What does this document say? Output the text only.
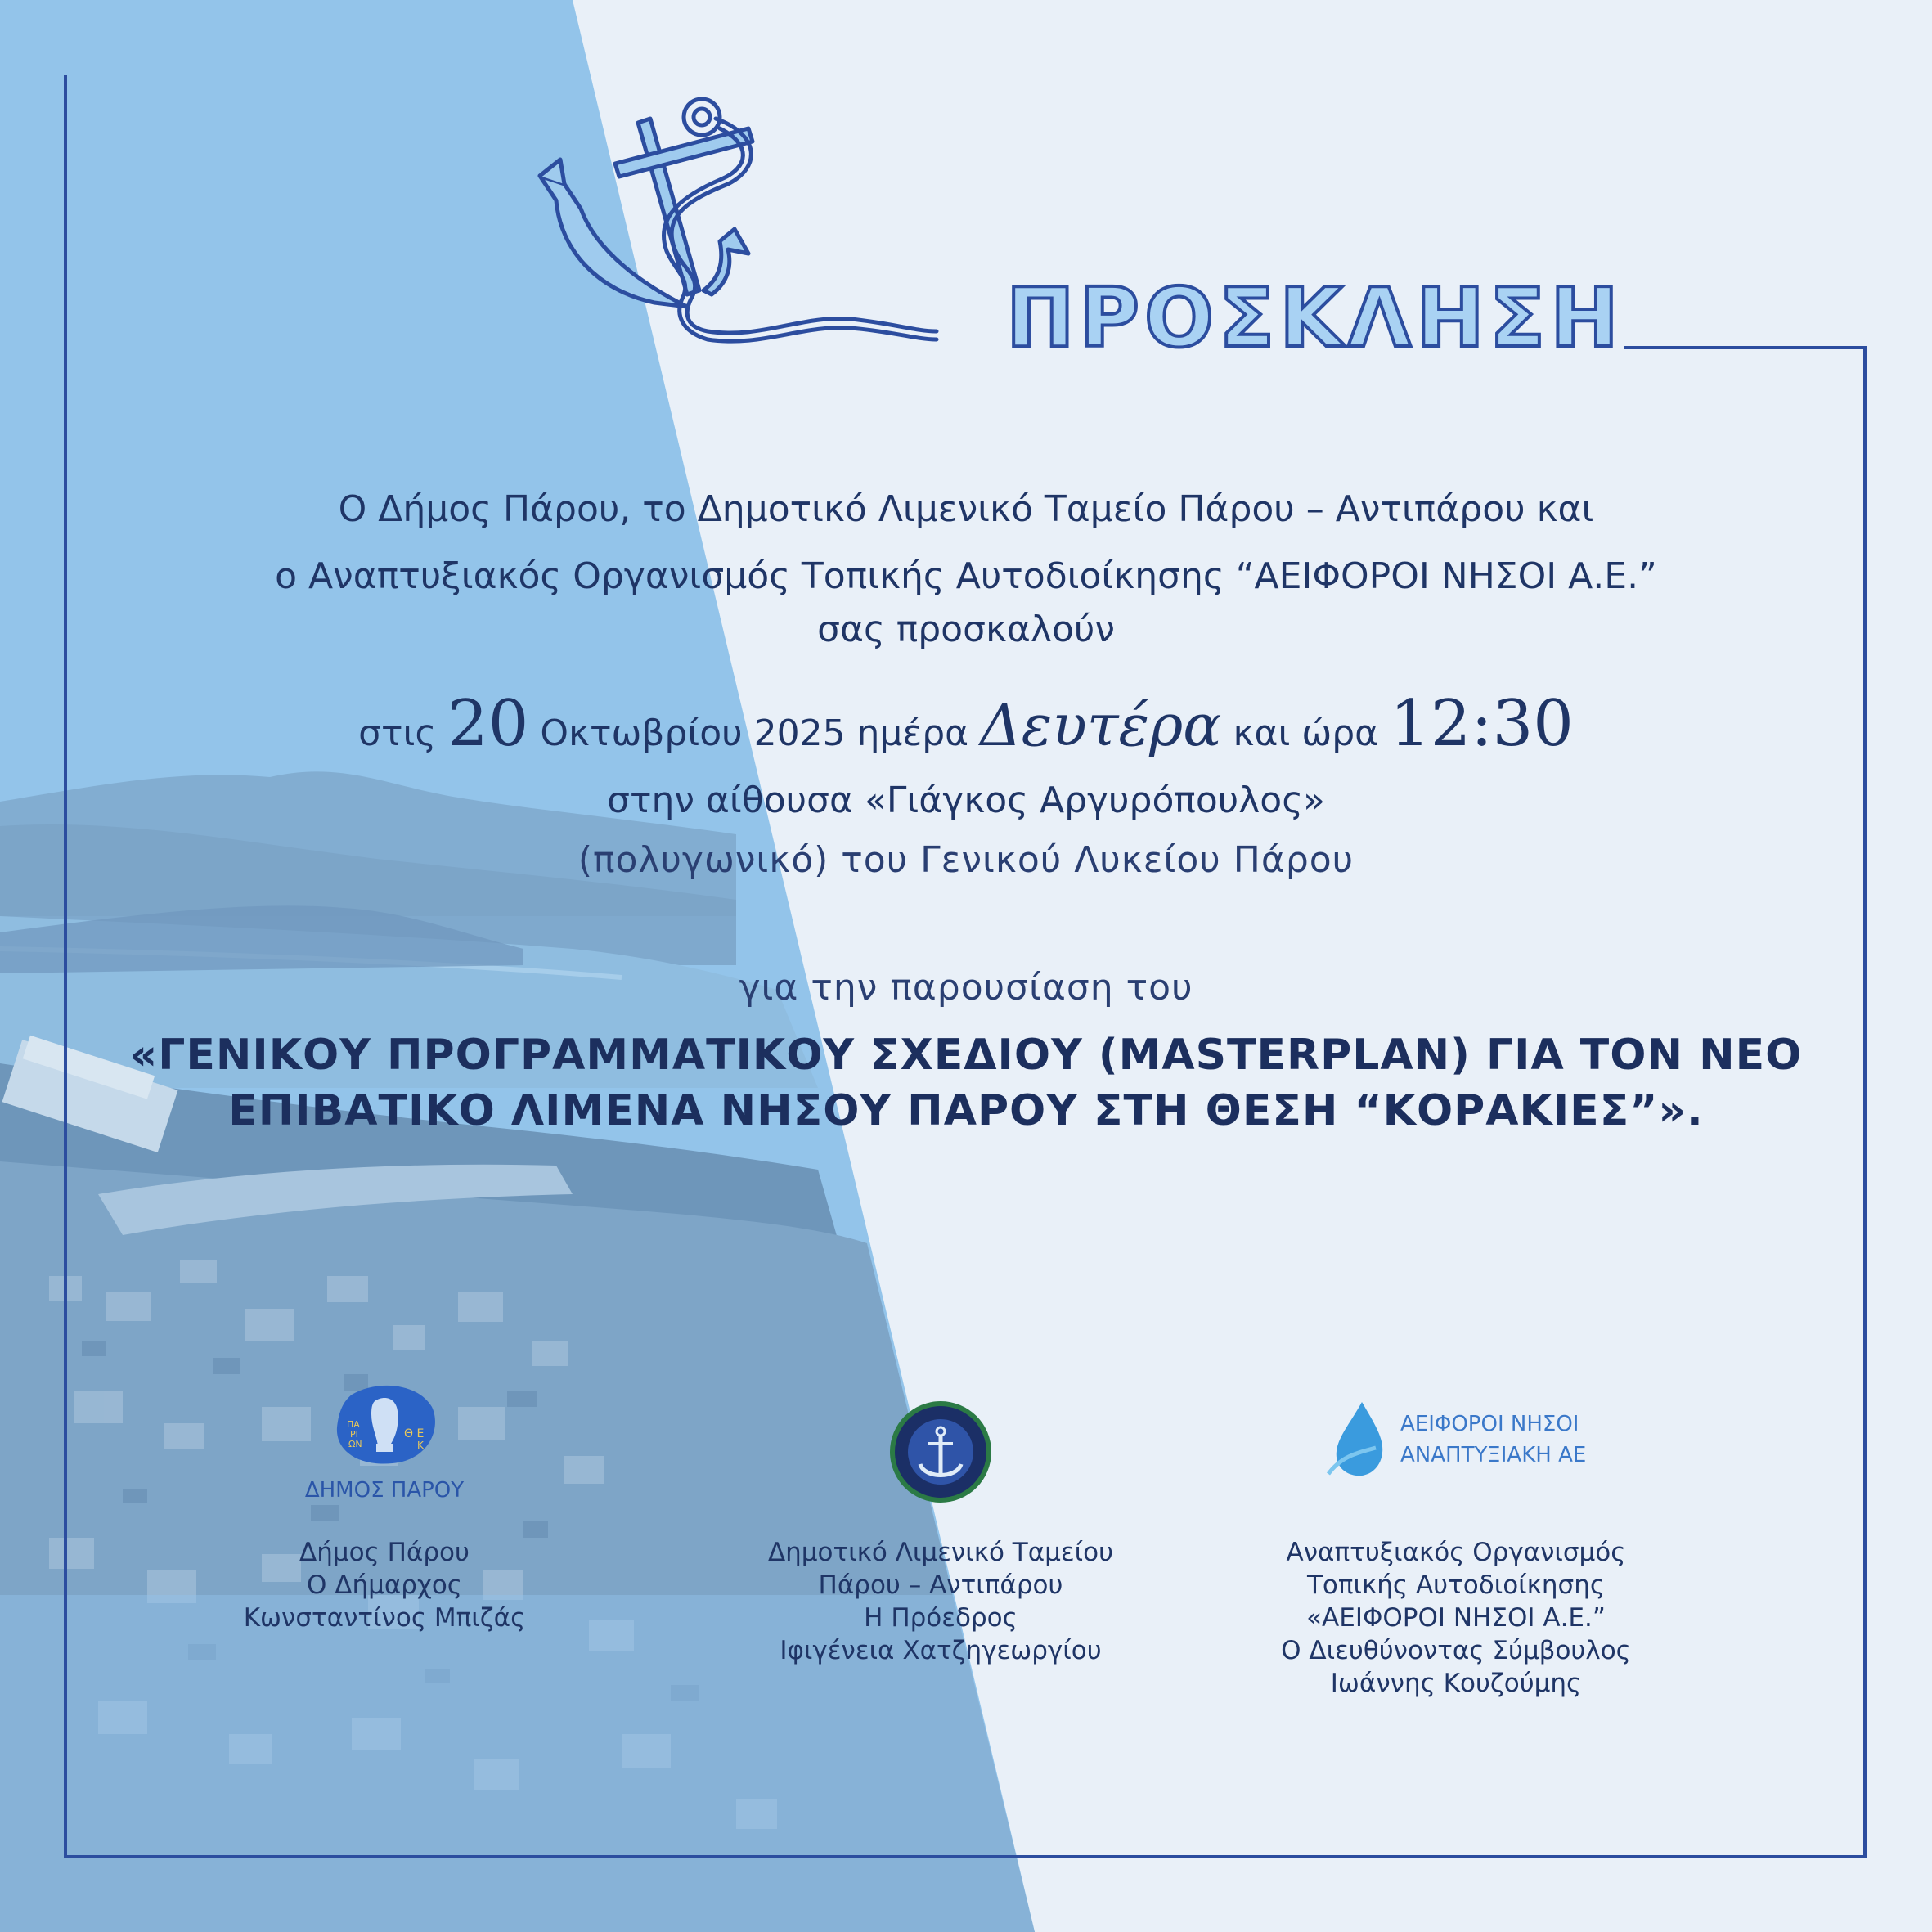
ΠΡΟΣΚΛΗΣΗ
Ο Δήμος Πάρου, το Δημοτικό Λιμενικό Ταμείο Πάρου – Αντιπάρου και
ο Αναπτυξιακός Οργανισμός Τοπικής Αυτοδιοίκησης “ΑΕΙΦΟΡΟΙ ΝΗΣΟΙ Α.Ε.”
σας προσκαλούν
στις 20 Οκτωβρίου 2025 ημέρα Δευτέρα και ώρα 12:30
στην αίθουσα «Γιάγκος Αργυρόπουλος»
(πολυγωνικό) του Γενικού Λυκείου Πάρου
για την παρουσίαση του
«ΓΕΝΙΚΟΥ ΠΡΟΓΡΑΜΜΑΤΙΚΟΥ ΣΧΕΔΙΟΥ (MASTERPLAN) ΓΙΑ ΤΟΝ ΝΕΟ
ΕΠΙΒΑΤΙΚΟ ΛΙΜΕΝΑ ΝΗΣΟΥ ΠΑΡΟΥ ΣΤΗ ΘΕΣΗ “ΚΟΡΑΚΙΕΣ”».
ΠΑ
ΡΙ
ΩΝ
Θ Ε
Κ
ΔΗΜΟΣ ΠΑΡΟΥ
ΑΕΙΦΟΡΟΙ ΝΗΣΟΙ
ΑΝΑΠΤΥΞΙΑΚΗ ΑΕ
Δήμος Πάρου
Ο Δήμαρχος
Κωνσταντίνος Μπιζάς
Δημοτικό Λιμενικό Ταμείου
Πάρου – Αντιπάρου
Η Πρόεδρος
Ιφιγένεια Χατζηγεωργίου
Αναπτυξιακός Οργανισμός
Τοπικής Αυτοδιοίκησης
«ΑΕΙΦΟΡΟΙ ΝΗΣΟΙ Α.Ε.”
Ο Διευθύνοντας Σύμβουλος
Ιωάννης Κουζούμης
